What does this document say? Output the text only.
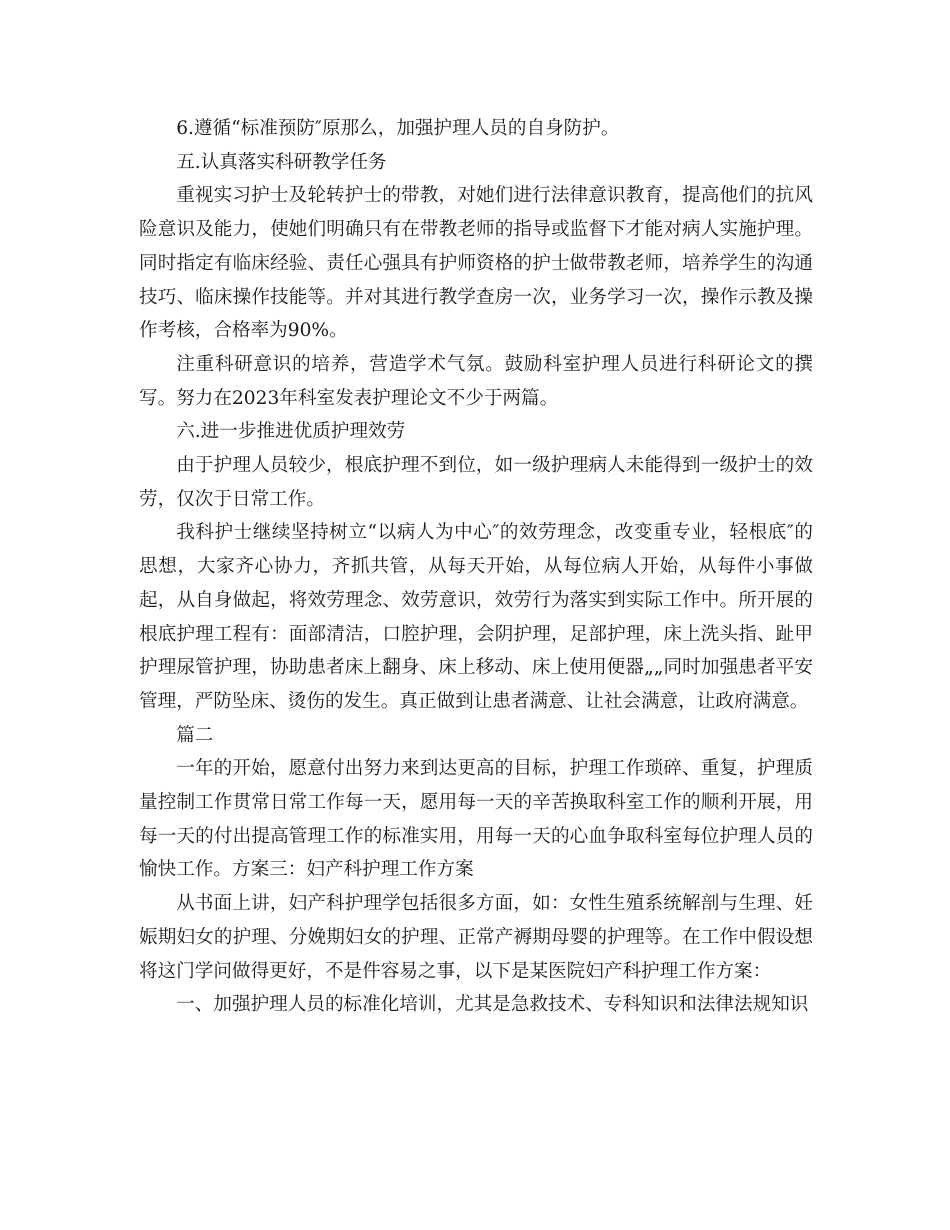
6.遵循“标准预防″原那么，加强护理人员的自身防护。

五.认真落实科研教学任务

重视实习护士及轮转护士的带教，对她们进行法律意识教育，提高他们的抗风险意识及能力，使她们明确只有在带教老师的指导或监督下才能对病人实施护理。同时指定有临床经验、责任心强具有护师资格的护士做带教老师，培养学生的沟通技巧、临床操作技能等。并对其进行教学查房一次，业务学习一次，操作示教及操作考核，合格率为90%。

注重科研意识的培养，营造学术气氛。鼓励科室护理人员进行科研论文的撰写。努力在2023年科室发表护理论文不少于两篇。

六.进一步推进优质护理效劳

由于护理人员较少，根底护理不到位，如一级护理病人未能得到一级护士的效劳，仅次于日常工作。

我科护士继续坚持树立“以病人为中心″的效劳理念，改变重专业，轻根底″的思想，大家齐心协力，齐抓共管，从每天开始，从每位病人开始，从每件小事做起，从自身做起，将效劳理念、效劳意识，效劳行为落实到实际工作中。所开展的根底护理工程有：面部清洁，口腔护理，会阴护理，足部护理，床上洗头指、趾甲护理尿管护理，协助患者床上翻身、床上移动、床上使用便器„„同时加强患者平安管理，严防坠床、烫伤的发生。真正做到让患者满意、让社会满意，让政府满意。

篇二

一年的开始，愿意付出努力来到达更高的目标，护理工作琐碎、重复，护理质量控制工作贯常日常工作每一天，愿用每一天的辛苦换取科室工作的顺利开展，用每一天的付出提高管理工作的标准实用，用每一天的心血争取科室每位护理人员的愉快工作。方案三：妇产科护理工作方案

从书面上讲，妇产科护理学包括很多方面，如：女性生殖系统解剖与生理、妊娠期妇女的护理、分娩期妇女的护理、正常产褥期母婴的护理等。在工作中假设想将这门学问做得更好，不是件容易之事，以下是某医院妇产科护理工作方案：

一、加强护理人员的标准化培训，尤其是急救技术、专科知识和法律法规知识
